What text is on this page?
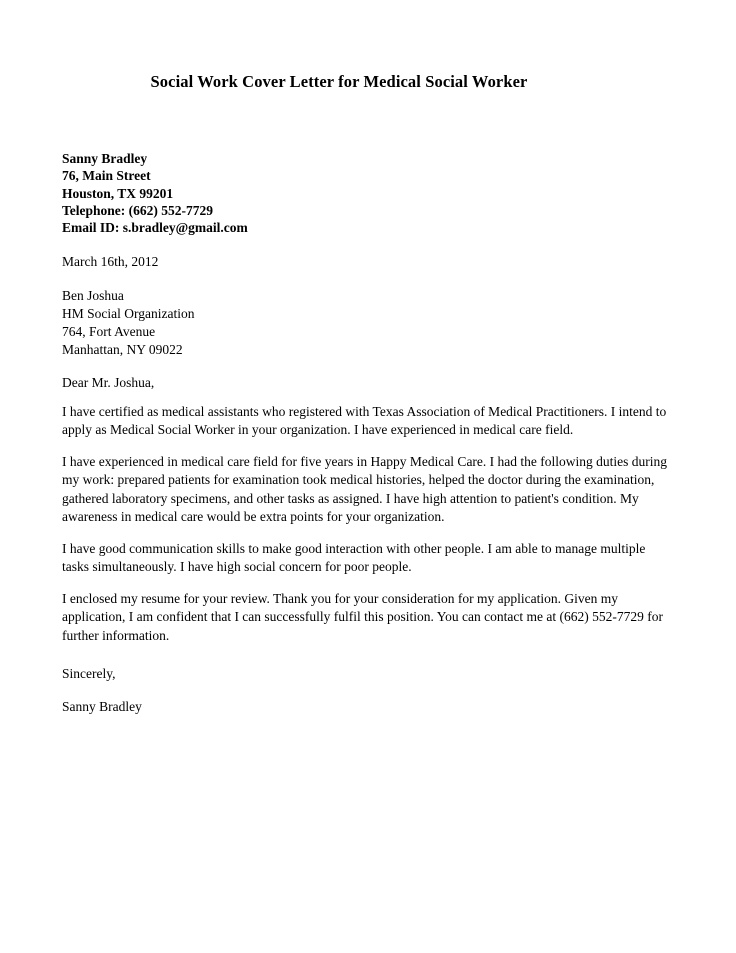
Social Work Cover Letter for Medical Social Worker
Sanny Bradley
76, Main Street
Houston, TX 99201
Telephone: (662) 552-7729
Email ID: s.bradley@gmail.com
March 16th, 2012
Ben Joshua
HM Social Organization
764, Fort Avenue
Manhattan, NY 09022
Dear Mr. Joshua,

I have certified as medical assistants who registered with Texas Association of Medical Practitioners. I intend to apply as Medical Social Worker in your organization. I have experienced in medical care field.

I have experienced in medical care field for five years in Happy Medical Care. I had the following duties during my work: prepared patients for examination took medical histories, helped the doctor during the examination, gathered laboratory specimens, and other tasks as assigned. I have high attention to patient's condition. My awareness in medical care would be extra points for your organization.

I have good communication skills to make good interaction with other people. I am able to manage multiple tasks simultaneously. I have high social concern for poor people.

I enclosed my resume for your review. Thank you for your consideration for my application. Given my application, I am confident that I can successfully fulfil this position. You can contact me at (662) 552-7729 for further information.

Sincerely,

Sanny Bradley
